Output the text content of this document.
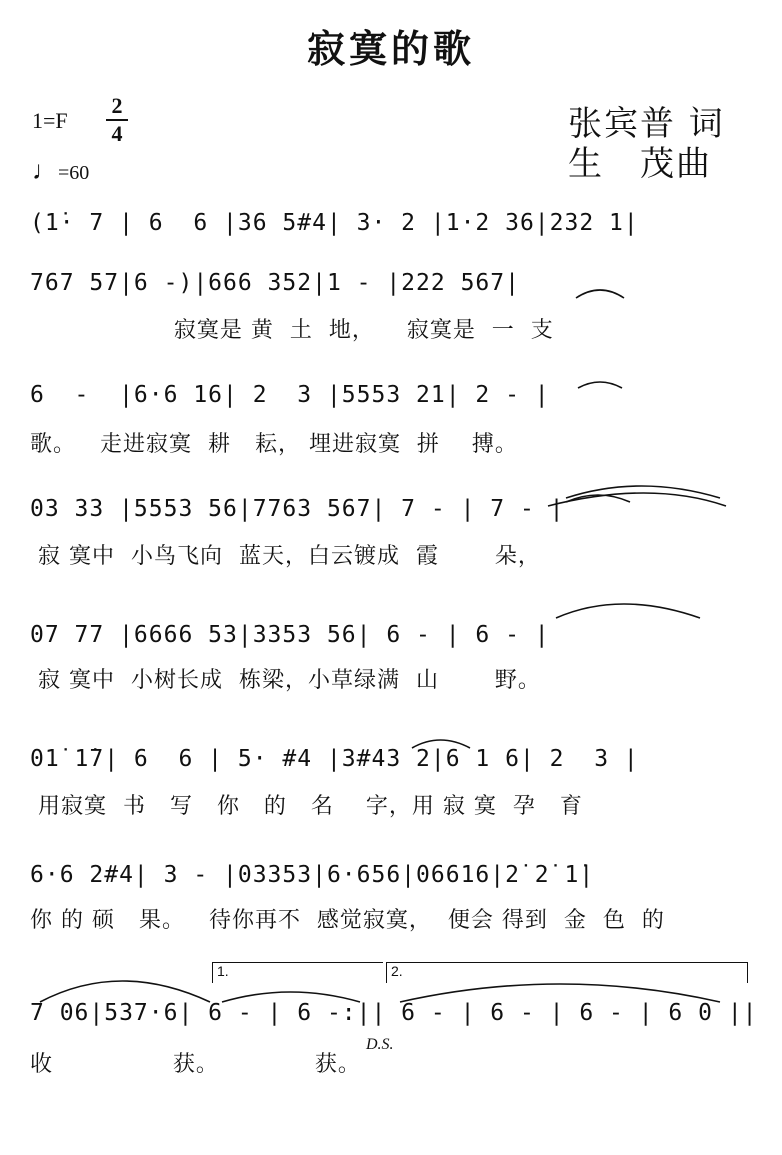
寂寞的歌
1=F
2
4
♩=60
张宾普 词
生　茂曲
(1̇· 7 | 6  6 |36 5#4| 3· 2 |1·2 36|232 1|
767 57|6 -)|666 352|1 - |222 567|
寂寞是 黄  土  地，    寂寞是  一  支
6  -  |6·6 16| 2  3 |5553 21| 2 - |
歌。   走进寂寞  耕   耘， 埋进寂寞  拼    搏。
03 33 |5553 56|7763 567| 7 - | 7 - |
寂 寞中  小鸟飞向  蓝天，白云镀成  霞       朵，
07 77 |6666 53|3353 56| 6 - | 6 - |
寂 寞中  小树长成  栋梁，小草绿满  山       野。
01̇ 1̇7| 6  6 | 5· #4 |3#43 2|6 1 6| 2  3 |
用寂寞  书   写   你   的   名    字，用 寂 寞  孕   育
6·6 2#4| 3 - |03353|6·656|06616|2̇ 2̇ 1̇|
你 的 硕   果。   待你再不  感觉寂寞，  便会 得到  金  色  的
7 06|537·6| 6 - | 6 -:|| 6 - | 6 - | 6 - | 6 0 ||
收               获。            获。
1.	2.
D.S.
